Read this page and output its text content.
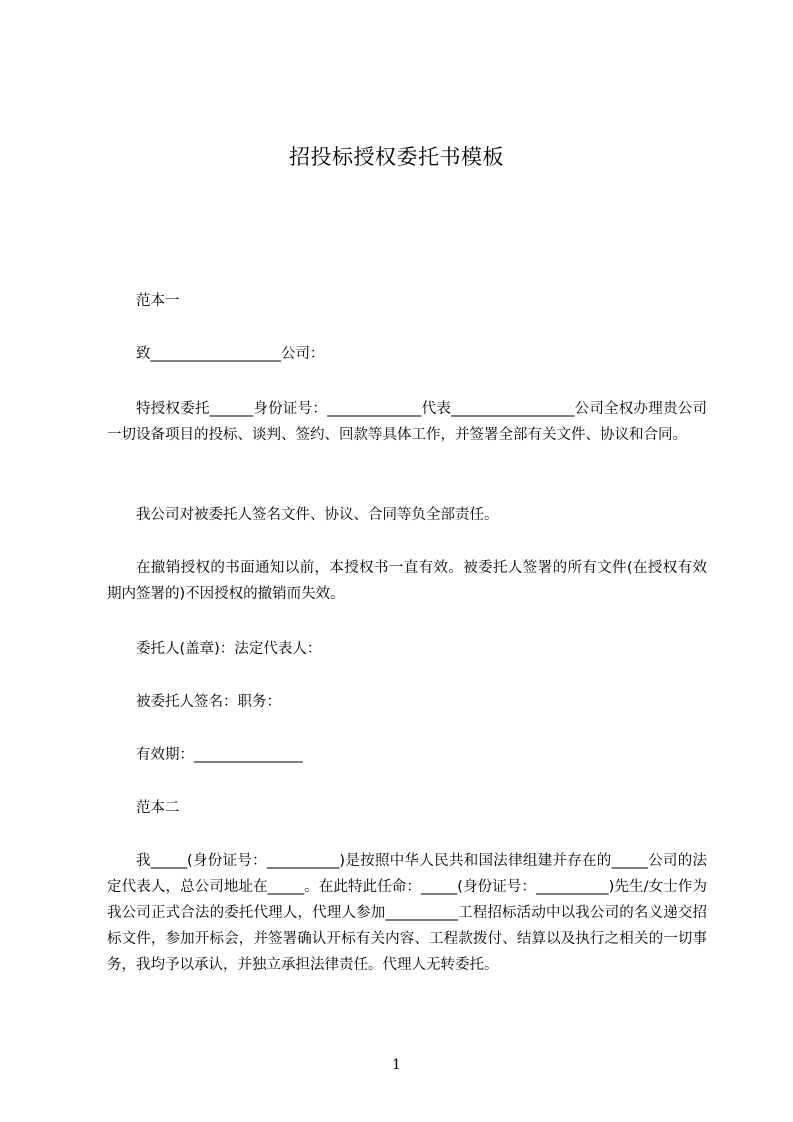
招投标授权委托书模板

范本一

致__________________公司：

特授权委托______身份证号：_____________代表_________________公司全权办理贵公司一切设备项目的投标、谈判、签约、回款等具体工作，并签署全部有关文件、协议和合同。

我公司对被委托人签名文件、协议、合同等负全部责任。

在撤销授权的书面通知以前，本授权书一直有效。被委托人签署的所有文件(在授权有效期内签署的)不因授权的撤销而失效。

委托人(盖章)：法定代表人：

被委托人签名：职务：

有效期：_______________

范本二

我_____(身份证号：__________)是按照中华人民共和国法律组建并存在的_____公司的法定代表人，总公司地址在_____。在此特此任命：_____(身份证号：__________)先生/女士作为我公司正式合法的委托代理人，代理人参加__________工程招标活动中以我公司的名义递交招标文件，参加开标会，并签署确认开标有关内容、工程款拨付、结算以及执行之相关的一切事务，我均予以承认，并独立承担法律责任。代理人无转委托。

1
